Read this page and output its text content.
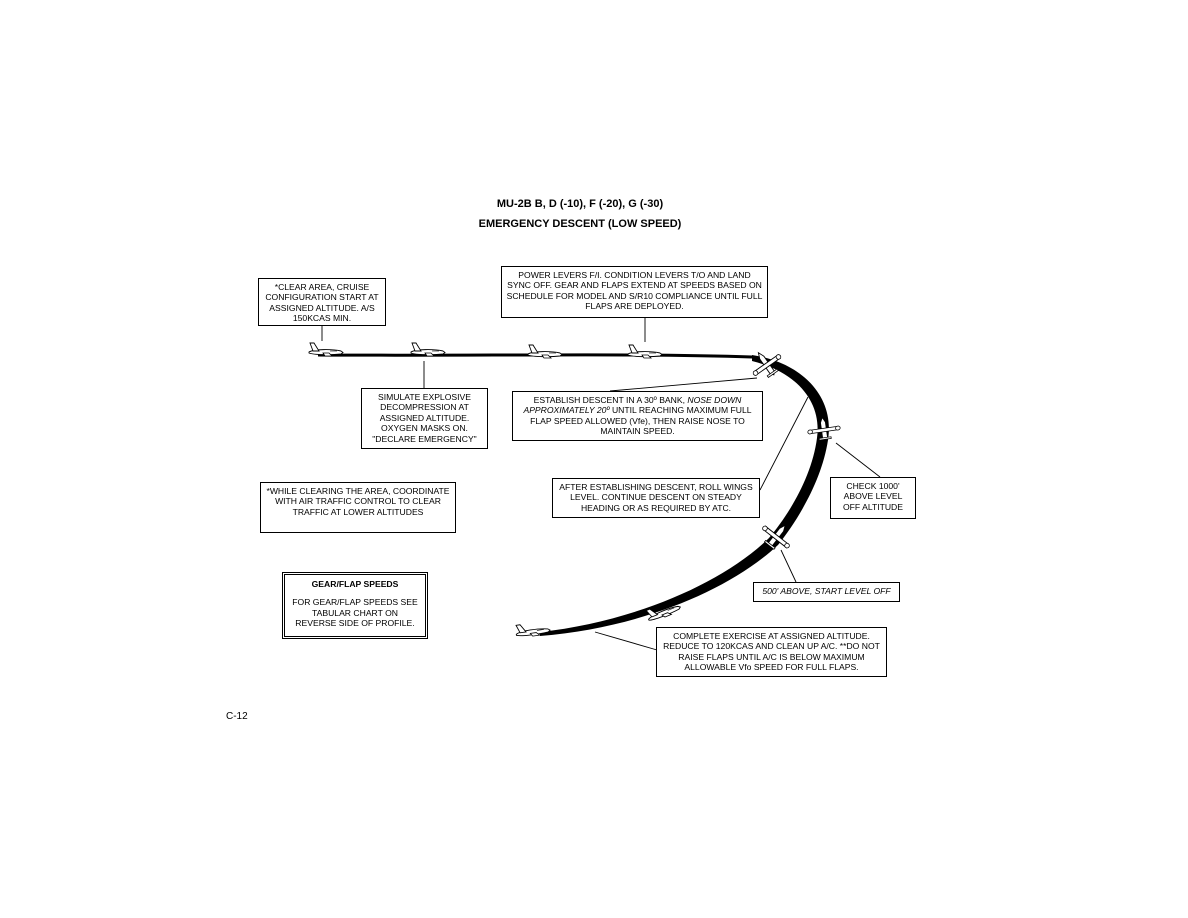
MU-2B B, D (-10), F (-20), G (-30)
EMERGENCY DESCENT (LOW SPEED)
*CLEAR AREA, CRUISE CONFIGURATION START AT ASSIGNED ALTITUDE. A/S 150KCAS MIN.
POWER LEVERS F/I. CONDITION LEVERS T/O AND LAND SYNC OFF. GEAR AND FLAPS EXTEND AT SPEEDS BASED ON SCHEDULE FOR MODEL AND S/R10 COMPLIANCE UNTIL FULL FLAPS ARE DEPLOYED.
SIMULATE EXPLOSIVE DECOMPRESSION AT ASSIGNED ALTITUDE. OXYGEN MASKS ON. "DECLARE EMERGENCY"
ESTABLISH DESCENT IN A 30º BANK, NOSE DOWN APPROXIMATELY 20º UNTIL REACHING MAXIMUM FULL FLAP SPEED ALLOWED (Vfe), THEN RAISE NOSE TO MAINTAIN SPEED.
*WHILE CLEARING THE AREA, COORDINATE WITH AIR TRAFFIC CONTROL TO CLEAR TRAFFIC AT LOWER ALTITUDES
AFTER ESTABLISHING DESCENT, ROLL WINGS LEVEL. CONTINUE DESCENT ON STEADY HEADING OR AS REQUIRED BY ATC.
CHECK 1000' ABOVE LEVEL OFF ALTITUDE
500' ABOVE, START LEVEL OFF
COMPLETE EXERCISE AT ASSIGNED ALTITUDE. REDUCE TO 120KCAS AND CLEAN UP A/C. **DO NOT RAISE FLAPS UNTIL A/C IS BELOW MAXIMUM ALLOWABLE Vfo SPEED FOR FULL FLAPS.
GEAR/FLAP SPEEDS
FOR GEAR/FLAP SPEEDS SEE TABULAR CHART ON REVERSE SIDE OF PROFILE.
C-12
